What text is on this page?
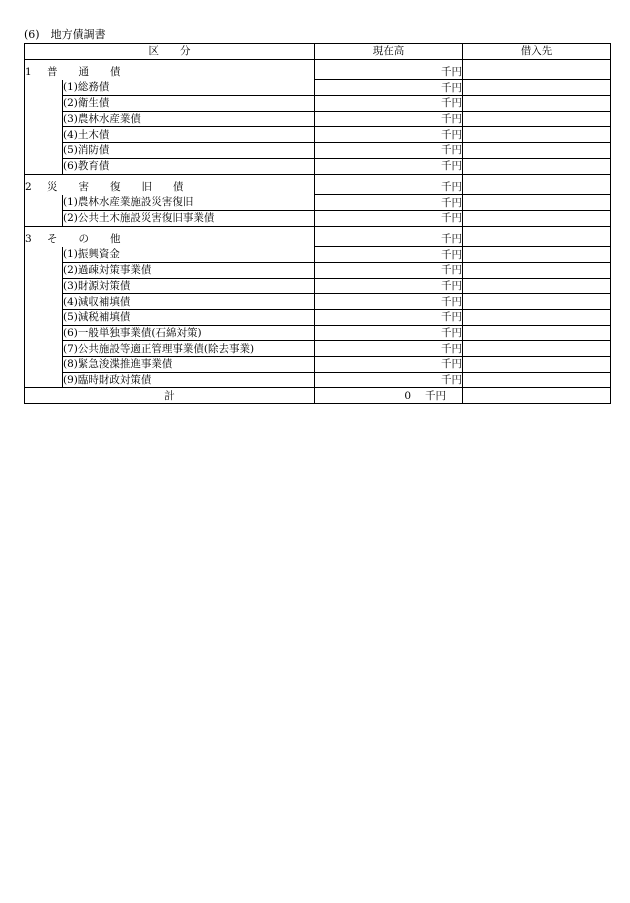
(6)　地方債調書
区　　分		現在高	借入先

1 普　　通　　債		千円	
	(1)総務債	千円	
	(2)衛生債	千円	
	(3)農林水産業債	千円	
	(4)土木債	千円	
	(5)消防債	千円	
	(6)教育債	千円	

2 災　　害　　復　　旧　　債		千円	
	(1)農林水産業施設災害復旧	千円	
	(2)公共土木施設災害復旧事業債	千円	

3 そ　　の　　他		千円	
	(1)振興資金	千円	
	(2)過疎対策事業債	千円	
	(3)財源対策債	千円	
	(4)減収補填債	千円	
	(5)減税補填債	千円	
	(6)一般単独事業債(石綿対策)	千円	
	(7)公共施設等適正管理事業債(除去事業)	千円	
	(8)緊急浚渫推進事業債	千円	
	(9)臨時財政対策債	千円	
計		0 千円	
